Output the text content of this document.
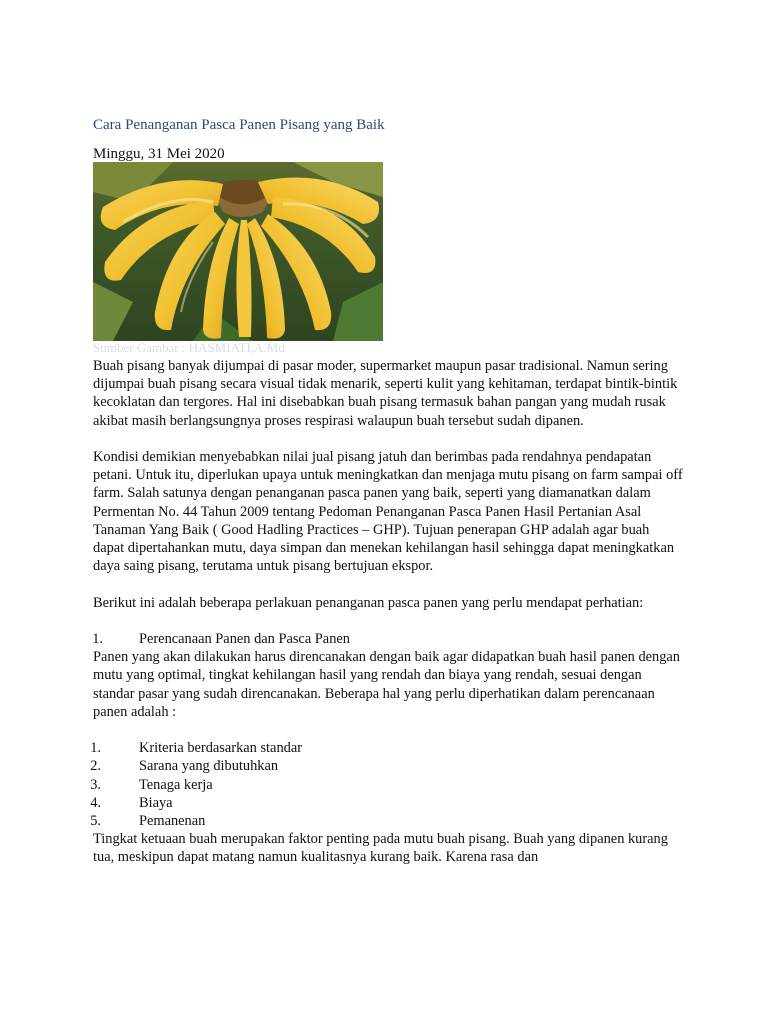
Cara Penanganan Pasca Panen Pisang yang Baik
Minggu, 31 Mei 2020
Sumber Gambar : HASMIATI,A.Md

Buah pisang banyak dijumpai di pasar moder, supermarket maupun pasar tradisional. Namun sering dijumpai buah pisang secara visual tidak menarik, seperti kulit yang kehitaman, terdapat bintik-bintik kecoklatan dan tergores. Hal ini disebabkan buah pisang termasuk bahan pangan yang mudah rusak akibat masih berlangsungnya proses respirasi walaupun buah tersebut sudah dipanen.

Kondisi demikian menyebabkan nilai jual pisang jatuh dan berimbas pada rendahnya pendapatan petani. Untuk itu, diperlukan upaya untuk meningkatkan dan menjaga mutu pisang on farm sampai off farm. Salah satunya dengan penanganan pasca panen yang baik, seperti yang diamanatkan dalam Permentan No. 44 Tahun 2009 tentang Pedoman Penanganan Pasca Panen Hasil Pertanian Asal Tanaman Yang Baik ( Good Hadling Practices – GHP). Tujuan penerapan GHP adalah agar buah dapat dipertahankan mutu, daya simpan dan menekan kehilangan hasil sehingga dapat meningkatkan daya saing pisang, terutama untuk pisang bertujuan ekspor.

Berikut ini adalah beberapa perlakuan penanganan pasca panen yang perlu mendapat perhatian:

1.	Perencanaan Panen dan Pasca Panen

Panen yang akan dilakukan harus direncanakan dengan baik agar didapatkan buah hasil panen dengan mutu yang optimal, tingkat kehilangan hasil yang rendah dan biaya yang rendah, sesuai dengan standar pasar yang sudah direncanakan. Beberapa hal yang perlu diperhatikan dalam perencanaan panen adalah :

1.	Kriteria berdasarkan standar
2.	Sarana yang dibutuhkan
3.	Tenaga kerja
4.	Biaya
5.	Pemanenan

Tingkat ketuaan buah merupakan faktor penting pada mutu buah pisang. Buah yang dipanen kurang tua, meskipun dapat matang namun kualitasnya kurang baik. Karena rasa dan
